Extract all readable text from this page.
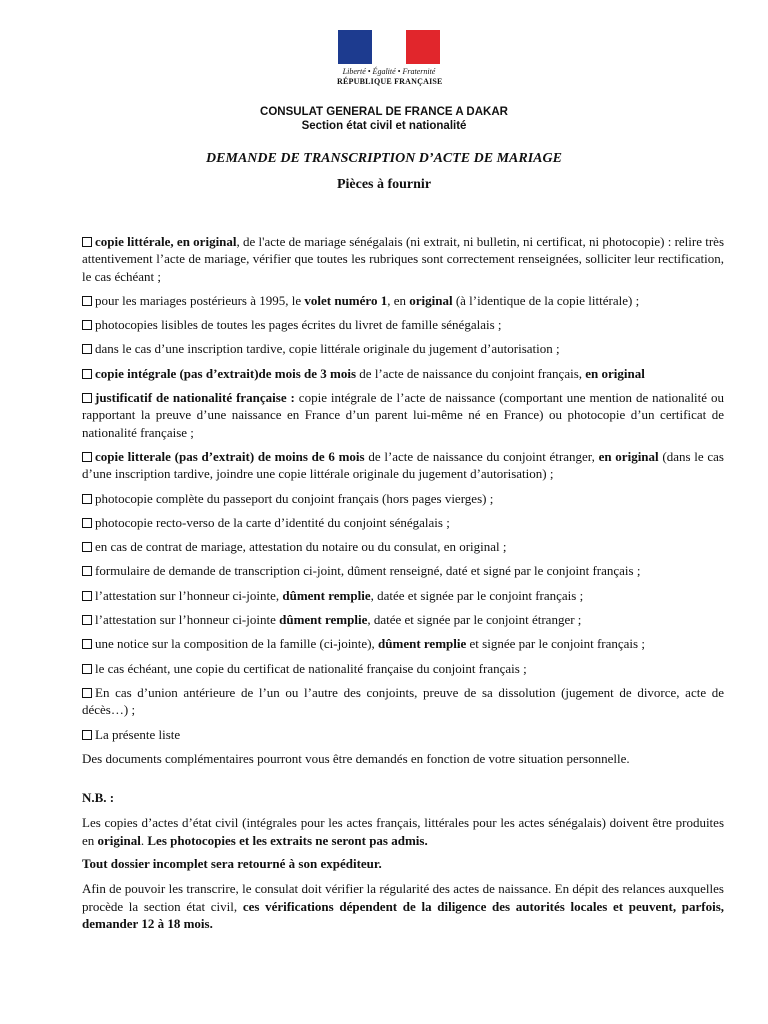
Liberté • Égalité • Fraternité
RÉPUBLIQUE FRANÇAISE
CONSULAT GENERAL DE FRANCE A DAKAR
Section état civil et nationalité
DEMANDE DE TRANSCRIPTION D’ACTE DE MARIAGE
Pièces à fournir
copie littérale, en original, de l'acte de mariage sénégalais (ni extrait, ni bulletin, ni certificat, ni photocopie) : relire très attentivement l’acte de mariage, vérifier que toutes les rubriques sont correctement renseignées, solliciter leur rectification, le cas échéant ;
pour les mariages postérieurs à 1995, le volet numéro 1, en original (à l’identique de la copie littérale) ;
photocopies lisibles de toutes les pages écrites du livret de famille sénégalais ;
dans le cas d’une inscription tardive, copie littérale originale du jugement d’autorisation ;
copie intégrale (pas d’extrait)de mois de 3 mois de l’acte de naissance du conjoint français, en original
justificatif de nationalité française : copie intégrale de l’acte de naissance (comportant une mention de nationalité ou rapportant la preuve d’une naissance en France d’un parent lui-même né en France) ou photocopie d’un certificat de nationalité française ;
copie litterale (pas d’extrait) de moins de 6 mois de l’acte de naissance du conjoint étranger, en original (dans le cas d’une inscription tardive, joindre une copie littérale originale du jugement d’autorisation) ;
photocopie complète du passeport du conjoint français (hors pages vierges) ;
photocopie recto-verso de la carte d’identité du conjoint sénégalais ;
en cas de contrat de mariage, attestation du notaire ou du consulat, en original ;
formulaire de demande de transcription ci-joint, dûment renseigné, daté et signé par le conjoint français ;
l’attestation sur l’honneur ci-jointe, dûment remplie, datée et signée par le conjoint français ;
l’attestation sur l’honneur ci-jointe dûment remplie, datée et signée par le conjoint étranger ;
une notice sur la composition de la famille (ci-jointe), dûment remplie et signée par le conjoint français ;
le cas échéant, une copie du certificat de nationalité française du conjoint français ;
En cas d’union antérieure de l’un ou l’autre des conjoints, preuve de sa dissolution (jugement de divorce, acte de décès…) ;
La présente liste
Des documents complémentaires pourront vous être demandés en fonction de votre situation personnelle.
N.B. :
Les copies d’actes d’état civil (intégrales pour les actes français, littérales pour les actes sénégalais) doivent être produites en original. Les photocopies et les extraits ne seront pas admis.
Tout dossier incomplet sera retourné à son expéditeur.
Afin de pouvoir les transcrire, le consulat doit vérifier la régularité des actes de naissance. En dépit des relances auxquelles procède la section état civil, ces vérifications dépendent de la diligence des autorités locales et peuvent, parfois, demander 12 à 18 mois.
